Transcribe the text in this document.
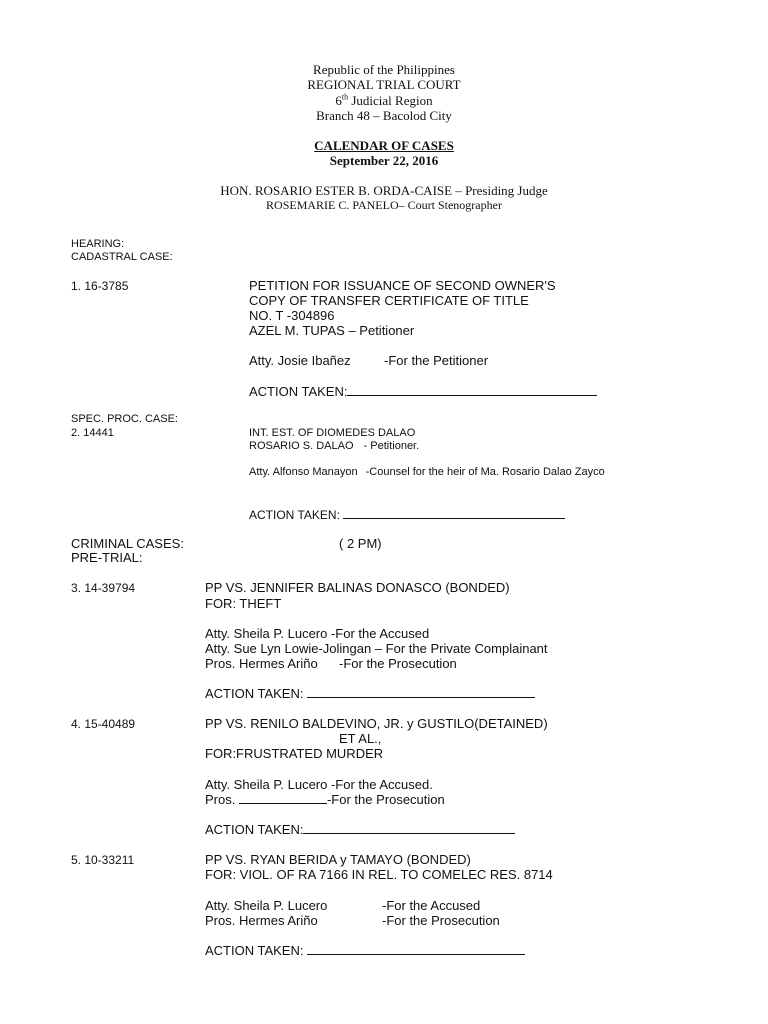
Republic of the Philippines
REGIONAL TRIAL COURT
6th Judicial Region
Branch 48 – Bacolod City
CALENDAR OF CASES
September 22, 2016
HON. ROSARIO ESTER B. ORDA-CAISE – Presiding Judge
ROSEMARIE C. PANELO– Court Stenographer
HEARING:
CADASTRAL CASE:
1. 16-3785	PETITION FOR ISSUANCE OF SECOND OWNER'S
COPY OF TRANSFER CERTIFICATE OF TITLE
NO. T -304896
AZEL M. TUPAS – Petitioner
Atty. Josie Ibañez	-For the Petitioner
ACTION TAKEN:
SPEC. PROC. CASE:
2. 14441	INT. EST. OF DIOMEDES DALAO
ROSARIO S. DALAO - Petitioner.
Atty. Alfonso Manayon -Counsel for the heir of Ma. Rosario Dalao Zayco
ACTION TAKEN:
CRIMINAL CASES:	( 2 PM)
PRE-TRIAL:
3. 14-39794	PP VS. JENNIFER BALINAS DONASCO (BONDED)
FOR: THEFT
Atty. Sheila P. Lucero -For the Accused
Atty. Sue Lyn Lowie-Jolingan – For the Private Complainant
Pros. Hermes Ariño -For the Prosecution
ACTION TAKEN:
4. 15-40489	PP VS. RENILO BALDEVINO, JR. y GUSTILO(DETAINED)
ET AL.,
FOR:FRUSTRATED MURDER
Atty. Sheila P. Lucero -For the Accused.
Pros.	-For the Prosecution
ACTION TAKEN:
5. 10-33211	PP VS. RYAN BERIDA y TAMAYO (BONDED)
FOR: VIOL. OF RA 7166 IN REL. TO COMELEC RES. 8714
Atty. Sheila P. Lucero	-For the Accused
Pros. Hermes Ariño	-For the Prosecution
ACTION TAKEN:
